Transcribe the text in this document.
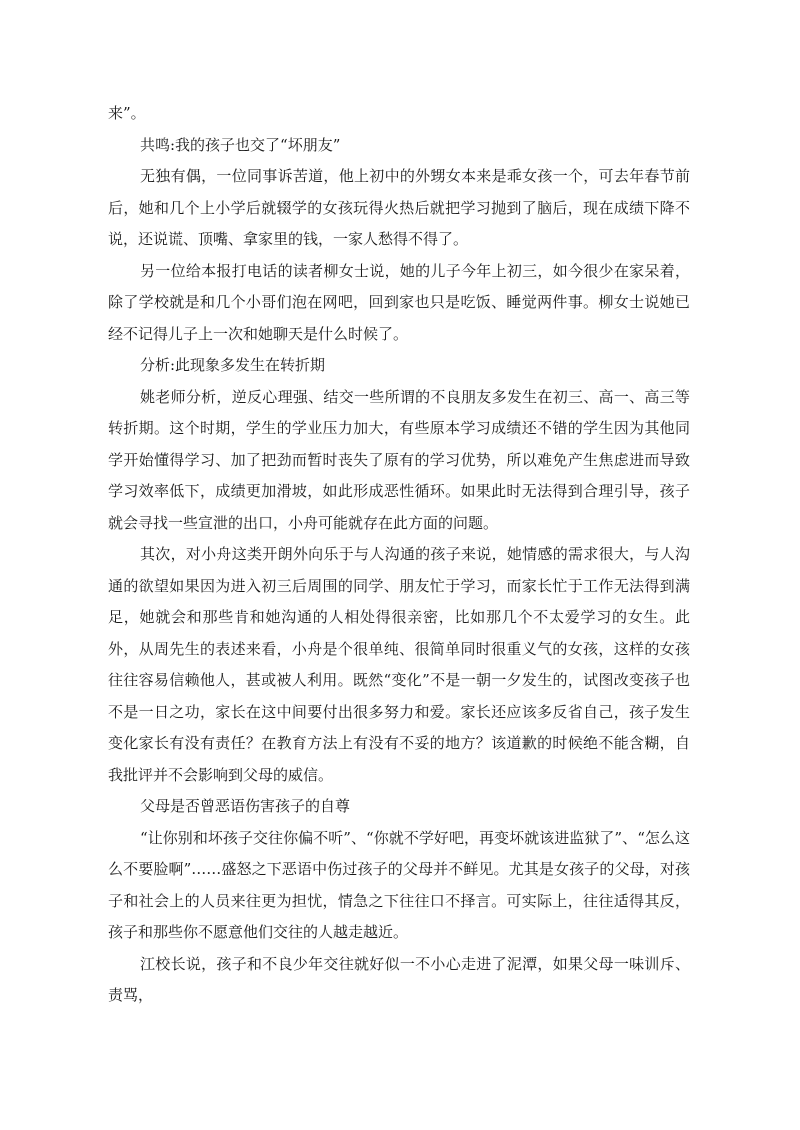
来”。

共鸣:我的孩子也交了“坏朋友”

无独有偶，一位同事诉苦道，他上初中的外甥女本来是乖女孩一个，可去年春节前后，她和几个上小学后就辍学的女孩玩得火热后就把学习抛到了脑后，现在成绩下降不说，还说谎、顶嘴、拿家里的钱，一家人愁得不得了。

另一位给本报打电话的读者柳女士说，她的儿子今年上初三，如今很少在家呆着，除了学校就是和几个小哥们泡在网吧，回到家也只是吃饭、睡觉两件事。柳女士说她已经不记得儿子上一次和她聊天是什么时候了。

分析:此现象多发生在转折期

姚老师分析，逆反心理强、结交一些所谓的不良朋友多发生在初三、高一、高三等转折期。这个时期，学生的学业压力加大，有些原本学习成绩还不错的学生因为其他同学开始懂得学习、加了把劲而暂时丧失了原有的学习优势，所以难免产生焦虑进而导致学习效率低下，成绩更加滑坡，如此形成恶性循环。如果此时无法得到合理引导，孩子就会寻找一些宣泄的出口，小舟可能就存在此方面的问题。

其次，对小舟这类开朗外向乐于与人沟通的孩子来说，她情感的需求很大，与人沟通的欲望如果因为进入初三后周围的同学、朋友忙于学习，而家长忙于工作无法得到满足，她就会和那些肯和她沟通的人相处得很亲密，比如那几个不太爱学习的女生。此外，从周先生的表述来看，小舟是个很单纯、很简单同时很重义气的女孩，这样的女孩往往容易信赖他人，甚或被人利用。既然“变化”不是一朝一夕发生的，试图改变孩子也不是一日之功，家长在这中间要付出很多努力和爱。家长还应该多反省自己，孩子发生变化家长有没有责任？在教育方法上有没有不妥的地方？该道歉的时候绝不能含糊，自我批评并不会影响到父母的威信。

父母是否曾恶语伤害孩子的自尊

“让你别和坏孩子交往你偏不听”、“你就不学好吧，再变坏就该进监狱了”、“怎么这么不要脸啊”……盛怒之下恶语中伤过孩子的父母并不鲜见。尤其是女孩子的父母，对孩子和社会上的人员来往更为担忧，情急之下往往口不择言。可实际上，往往适得其反，孩子和那些你不愿意他们交往的人越走越近。

江校长说，孩子和不良少年交往就好似一不小心走进了泥潭，如果父母一味训斥、责骂，
